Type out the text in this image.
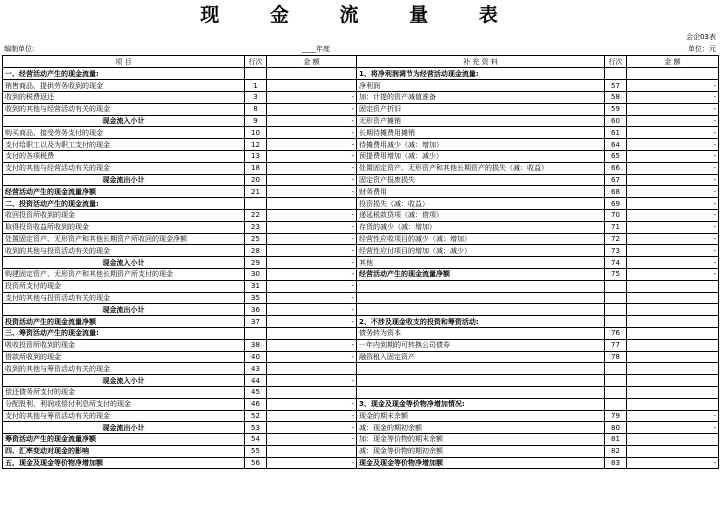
现 金 流 量 表
会企03表
编制单位:	____年度	单位：元
项 目	行次	金 额	补 充 资 料	行次	金 额
一、经营活动产生的现金流量:			1、将净利润调节为经营活动现金流量:		
销售商品、提供劳务收到的现金	1		净利润	57	-
收到的税费返还	3	-	加：计提的资产减值准备	58	-
收到的其他与经营活动有关的现金	8	-	固定资产折旧	59	-
现金流入小计	9	-	无形资产摊销	60	-
购买商品、接受劳务支付的现金	10	-	长期待摊费用摊销	61	-
支付给职工以及为职工支付的现金	12	-	待摊费用减少（减：增加）	64	-
支付的各项税费	13	-	预提费用增加（减：减少）	65	-
支付的其他与经营活动有关的现金	18	-	处置固定资产、无形资产和其他长期资产的损失（减：收益）	66	-
现金流出小计	20	-	固定资产报废损失	67	-
经营活动产生的现金流量净额	21	-	财务费用	68	-
二、投资活动产生的现金流量:			投资损失（减：收益）	69	-
收回投资所收到的现金	22	-	递延税款贷项（减：借项）	70	-
取得投资收益所收到的现金	23	-	存货的减少（减：增加）	71	-
处置固定资产、无形资产和其他长期资产所收回的现金净额	25	-	经营性应收项目的减少（减：增加）	72	-
收到的其他与投资活动有关的现金	28	-	经营性应付项目的增加（减：减少）	73	-
现金流入小计	29	-	其他	74	-
购建固定资产、无形资产和其他长期资产所支付的现金	30	-	经营活动产生的现金流量净额	75	-
投资所支付的现金	31	-			
支付的其他与投资活动有关的现金	35	-			
现金流出小计	36	-			
投资活动产生的现金流量净额	37	-	2、不涉及现金收支的投资和筹资活动:		
三、筹资活动产生的现金流量:			债务转为资本	76	
吸收投资所收到的现金	38	-	一年内到期的可转换公司债券	77	
借款所收到的现金	40	-	融资租入固定资产	78	
收到的其他与筹资活动有关的现金	43				
现金流入小计	44	-			
偿还债务所支付的现金	45				
分配股利、利润或偿付利息所支付的现金	46	-	3、现金及现金等价物净增加情况:		
支付的其他与筹资活动有关的现金	52	-	现金的期末余额	79	-
现金流出小计	53	-	减：现金的期初余额	80	-
筹资活动产生的现金流量净额	54	-	加：现金等价物的期末余额	81	
四、汇率变动对现金的影响	55		减：现金等价物的期初余额	82	
五、现金及现金等价物净增加额	56	-	现金及现金等价物净增加额	83	-
